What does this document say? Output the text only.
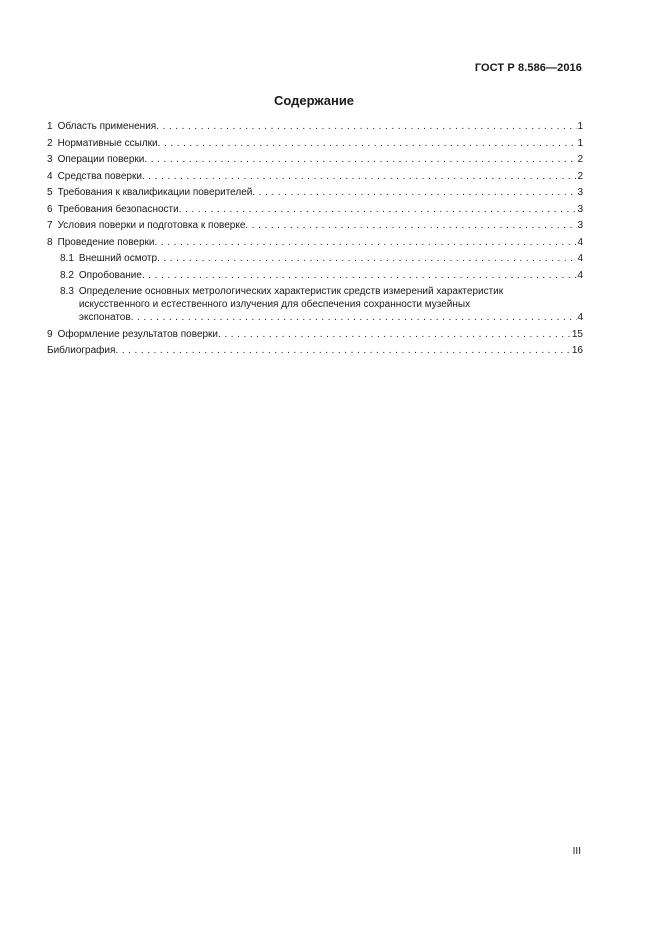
ГОСТ Р 8.586—2016
Содержание
1 Область применения . . .	1
2 Нормативные ссылки . . .	1
3 Операции поверки . . .	2
4 Средства поверки . . .	2
5 Требования к квалификации поверителей . . .	3
6 Требования безопасности . . .	3
7 Условия поверки и подготовка к поверке . . .	3
8 Проведение поверки . . .	4
8.1 Внешний осмотр . . .	4
8.2 Опробование . . .	4
8.3 Определение основных метрологических характеристик средств измерений характеристик
искусственного и естественного излучения для обеспечения сохранности музейных
экспонатов . . .	4
9 Оформление результатов поверки . . .	15
Библиография . . .	16
III
